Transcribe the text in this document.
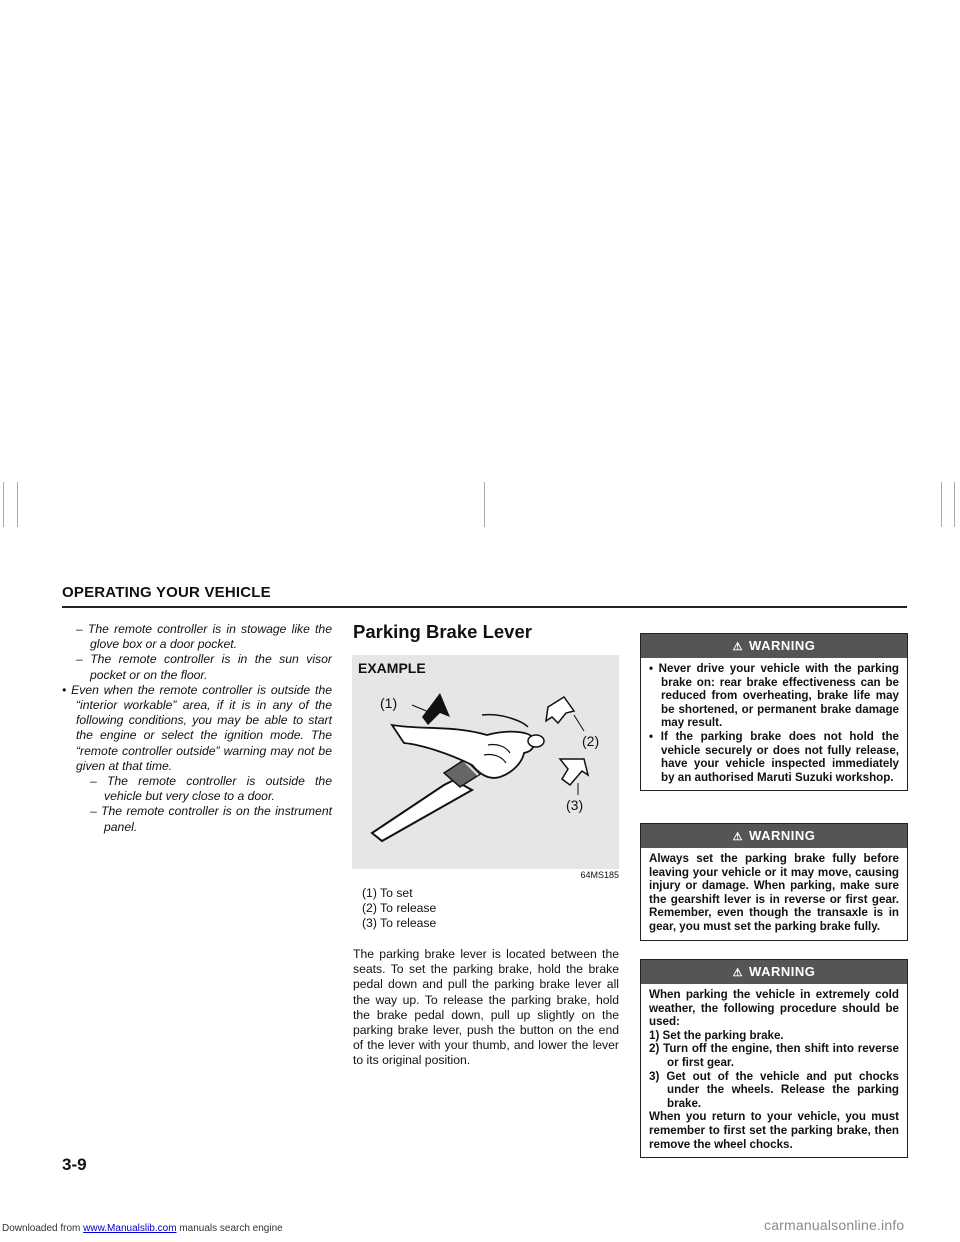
OPERATING YOUR VEHICLE
– The remote controller is in stowage like the glove box or a door pocket.
– The remote controller is in the sun visor pocket or on the floor.
• Even when the remote controller is outside the “interior workable” area, if it is in any of the following conditions, you may be able to start the engine or select the ignition mode. The “remote controller outside” warning may not be given at that time.
– The remote controller is outside the vehicle but very close to a door.
– The remote controller is on the instrument panel.
Parking Brake Lever
EXAMPLE
(1)
(2)
(3)
64MS185
(1) To set
(2) To release
(3) To release
The parking brake lever is located between the seats. To set the parking brake, hold the brake pedal down and pull the parking brake lever all the way up. To release the parking brake, hold the brake pedal down, pull up slightly on the parking brake lever, push the button on the end of the lever with your thumb, and lower the lever to its original position.
⚠ WARNING
• Never drive your vehicle with the parking brake on: rear brake effectiveness can be reduced from overheating, brake life may be shortened, or permanent brake damage may result.
• If the parking brake does not hold the vehicle securely or does not fully release, have your vehicle inspected immediately by an authorised Maruti Suzuki workshop.
⚠ WARNING
Always set the parking brake fully before leaving your vehicle or it may move, causing injury or damage. When parking, make sure the gearshift lever is in reverse or first gear. Remember, even though the transaxle is in gear, you must set the parking brake fully.
⚠ WARNING
When parking the vehicle in extremely cold weather, the following procedure should be used:
1) Set the parking brake.
2) Turn off the engine, then shift into reverse or first gear.
3) Get out of the vehicle and put chocks under the wheels. Release the parking brake.
When you return to your vehicle, you must remember to first set the parking brake, then remove the wheel chocks.
3-9
Downloaded from www.Manualslib.com manuals search engine	carmanualsonline.info
